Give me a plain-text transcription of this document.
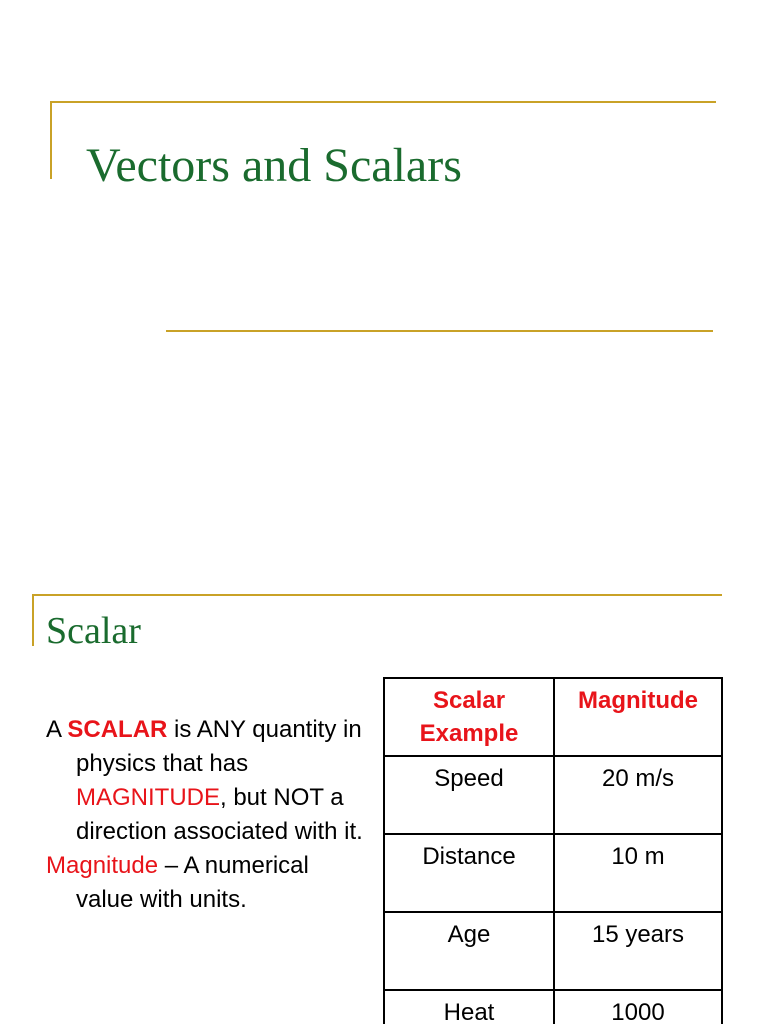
Vectors and Scalars
Scalar

A SCALAR is ANY quantity in physics that has MAGNITUDE, but NOT a direction associated with it.

Magnitude – A numerical value with units.

Scalar Example	Magnitude
Speed	20 m/s
Distance	10 m
Age	15 years
Heat	1000
